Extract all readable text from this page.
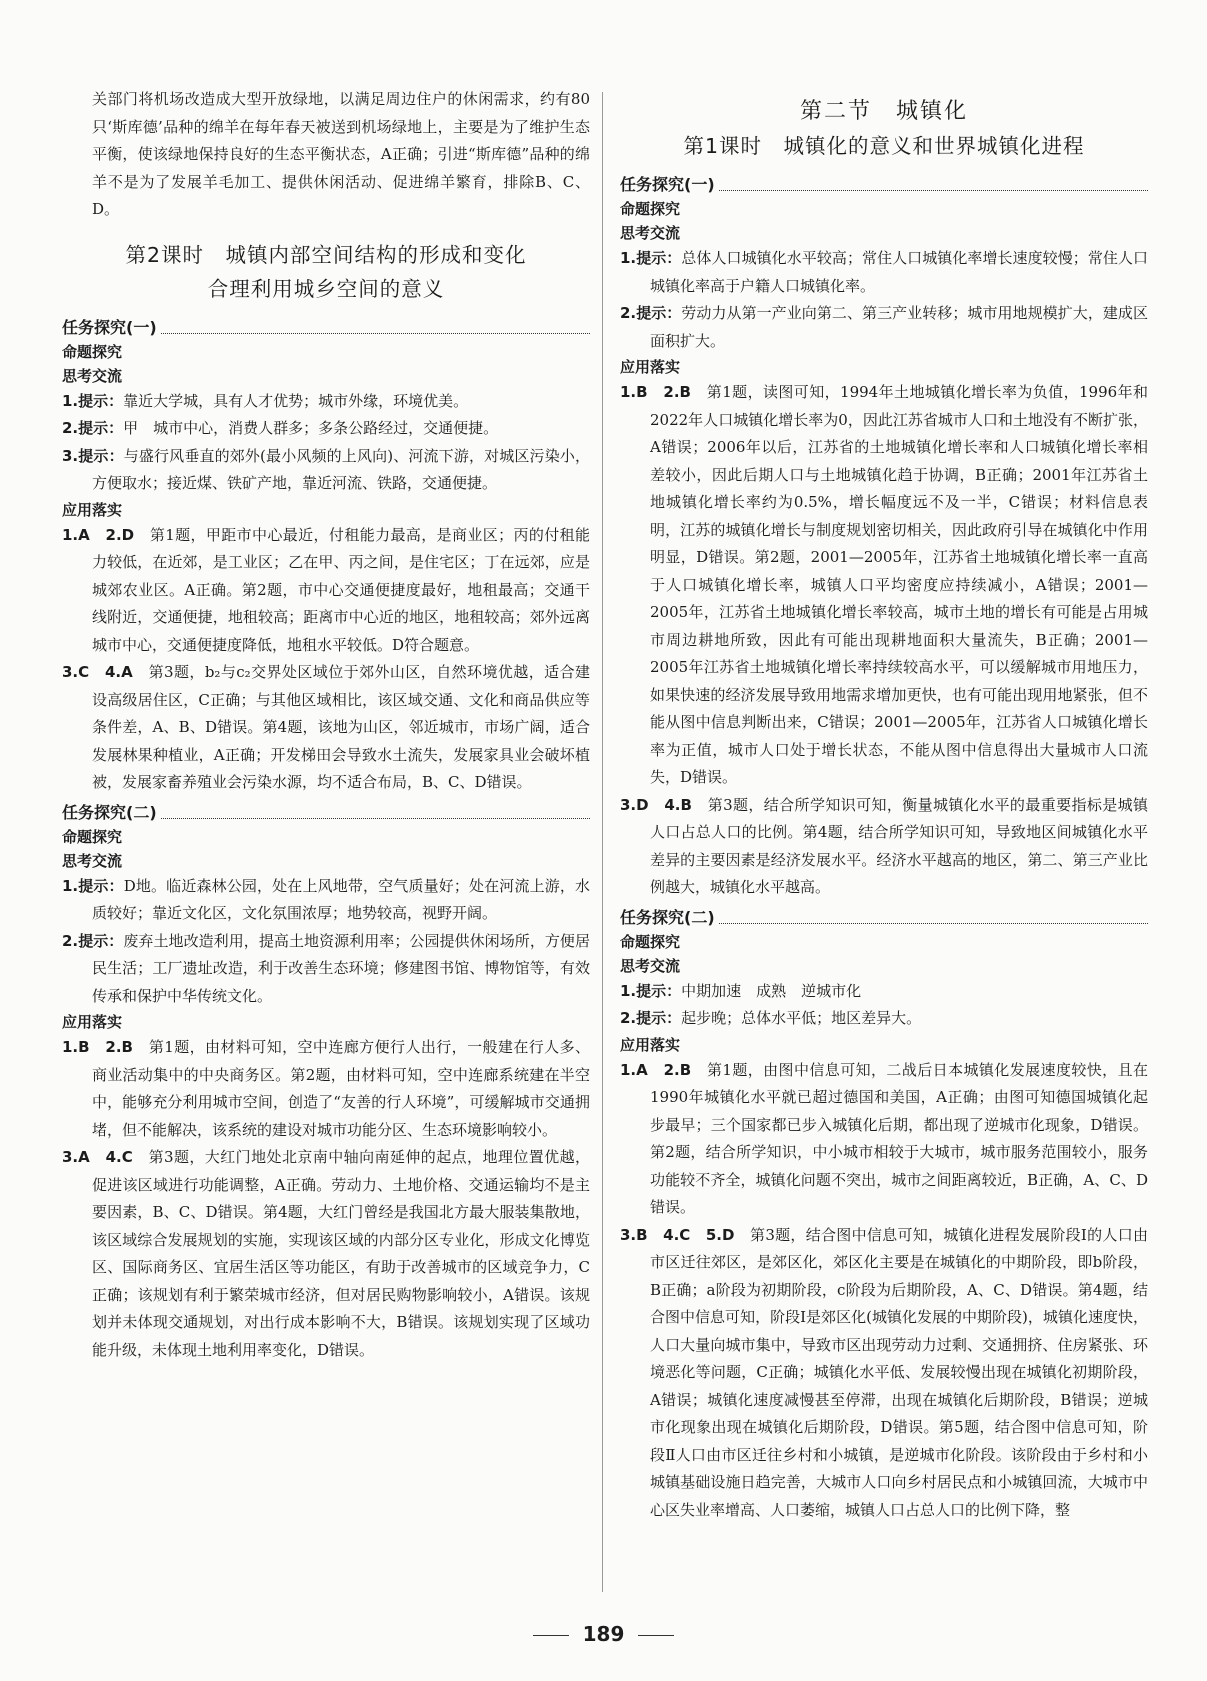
关部门将机场改造成大型开放绿地，以满足周边住户的休闲需求，约有80只‘斯库德’品种的绵羊在每年春天被送到机场绿地上，主要是为了维护生态平衡，使该绿地保持良好的生态平衡状态，A正确；引进“斯库德”品种的绵羊不是为了发展羊毛加工、提供休闲活动、促进绵羊繁育，排除B、C、D。

第2课时　城镇内部空间结构的形成和变化
合理利用城乡空间的意义
任务探究(一)
命题探究
思考交流

1.提示：靠近大学城，具有人才优势；城市外缘，环境优美。

2.提示：甲　城市中心，消费人群多；多条公路经过，交通便捷。

3.提示：与盛行风垂直的郊外(最小风频的上风向)、河流下游，对城区污染小，方便取水；接近煤、铁矿产地，靠近河流、铁路，交通便捷。

应用落实

1.A　2.D　第1题，甲距市中心最近，付租能力最高，是商业区；丙的付租能力较低，在近郊，是工业区；乙在甲、丙之间，是住宅区；丁在远郊，应是城郊农业区。A正确。第2题，市中心交通便捷度最好，地租最高；交通干线附近，交通便捷，地租较高；距离市中心近的地区，地租较高；郊外远离城市中心，交通便捷度降低，地租水平较低。D符合题意。

3.C　4.A　第3题，b₂与c₂交界处区域位于郊外山区，自然环境优越，适合建设高级居住区，C正确；与其他区域相比，该区域交通、文化和商品供应等条件差，A、B、D错误。第4题，该地为山区，邻近城市，市场广阔，适合发展林果种植业，A正确；开发梯田会导致水土流失，发展家具业会破坏植被，发展家畜养殖业会污染水源，均不适合布局，B、C、D错误。

任务探究(二)
命题探究
思考交流

1.提示：D地。临近森林公园，处在上风地带，空气质量好；处在河流上游，水质较好；靠近文化区，文化氛围浓厚；地势较高，视野开阔。

2.提示：废弃土地改造利用，提高土地资源利用率；公园提供休闲场所，方便居民生活；工厂遗址改造，利于改善生态环境；修建图书馆、博物馆等，有效传承和保护中华传统文化。

应用落实

1.B　2.B　第1题，由材料可知，空中连廊方便行人出行，一般建在行人多、商业活动集中的中央商务区。第2题，由材料可知，空中连廊系统建在半空中，能够充分利用城市空间，创造了“友善的行人环境”，可缓解城市交通拥堵，但不能解决，该系统的建设对城市功能分区、生态环境影响较小。

3.A　4.C　第3题，大红门地处北京南中轴向南延伸的起点，地理位置优越，促进该区域进行功能调整，A正确。劳动力、土地价格、交通运输均不是主要因素，B、C、D错误。第4题，大红门曾经是我国北方最大服装集散地，该区域综合发展规划的实施，实现该区域的内部分区专业化，形成文化博览区、国际商务区、宜居生活区等功能区，有助于改善城市的区域竞争力，C正确；该规划有利于繁荣城市经济，但对居民购物影响较小，A错误。该规划并未体现交通规划，对出行成本影响不大，B错误。该规划实现了区域功能升级，未体现土地利用率变化，D错误。

第二节　城镇化
第1课时　城镇化的意义和世界城镇化进程
任务探究(一)
命题探究
思考交流

1.提示：总体人口城镇化水平较高；常住人口城镇化率增长速度较慢；常住人口城镇化率高于户籍人口城镇化率。

2.提示：劳动力从第一产业向第二、第三产业转移；城市用地规模扩大，建成区面积扩大。

应用落实

1.B　2.B　第1题，读图可知，1994年土地城镇化增长率为负值，1996年和2022年人口城镇化增长率为0，因此江苏省城市人口和土地没有不断扩张，A错误；2006年以后，江苏省的土地城镇化增长率和人口城镇化增长率相差较小，因此后期人口与土地城镇化趋于协调，B正确；2001年江苏省土地城镇化增长率约为0.5%，增长幅度远不及一半，C错误；材料信息表明，江苏的城镇化增长与制度规划密切相关，因此政府引导在城镇化中作用明显，D错误。第2题，2001—2005年，江苏省土地城镇化增长率一直高于人口城镇化增长率，城镇人口平均密度应持续减小，A错误；2001—2005年，江苏省土地城镇化增长率较高，城市土地的增长有可能是占用城市周边耕地所致，因此有可能出现耕地面积大量流失，B正确；2001—2005年江苏省土地城镇化增长率持续较高水平，可以缓解城市用地压力，如果快速的经济发展导致用地需求增加更快，也有可能出现用地紧张，但不能从图中信息判断出来，C错误；2001—2005年，江苏省人口城镇化增长率为正值，城市人口处于增长状态，不能从图中信息得出大量城市人口流失，D错误。

3.D　4.B　第3题，结合所学知识可知，衡量城镇化水平的最重要指标是城镇人口占总人口的比例。第4题，结合所学知识可知，导致地区间城镇化水平差异的主要因素是经济发展水平。经济水平越高的地区，第二、第三产业比例越大，城镇化水平越高。

任务探究(二)
命题探究
思考交流

1.提示：中期加速　成熟　逆城市化

2.提示：起步晚；总体水平低；地区差异大。

应用落实

1.A　2.B　第1题，由图中信息可知，二战后日本城镇化发展速度较快，且在1990年城镇化水平就已超过德国和美国，A正确；由图可知德国城镇化起步最早；三个国家都已步入城镇化后期，都出现了逆城市化现象，D错误。第2题，结合所学知识，中小城市相较于大城市，城市服务范围较小，服务功能较不齐全，城镇化问题不突出，城市之间距离较近，B正确，A、C、D错误。

3.B　4.C　5.D　第3题，结合图中信息可知，城镇化进程发展阶段Ⅰ的人口由市区迁往郊区，是郊区化，郊区化主要是在城镇化的中期阶段，即b阶段，B正确；a阶段为初期阶段，c阶段为后期阶段，A、C、D错误。第4题，结合图中信息可知，阶段Ⅰ是郊区化(城镇化发展的中期阶段)，城镇化速度快，人口大量向城市集中，导致市区出现劳动力过剩、交通拥挤、住房紧张、环境恶化等问题，C正确；城镇化水平低、发展较慢出现在城镇化初期阶段，A错误；城镇化速度减慢甚至停滞，出现在城镇化后期阶段，B错误；逆城市化现象出现在城镇化后期阶段，D错误。第5题，结合图中信息可知，阶段Ⅱ人口由市区迁往乡村和小城镇，是逆城市化阶段。该阶段由于乡村和小城镇基础设施日趋完善，大城市人口向乡村居民点和小城镇回流，大城市中心区失业率增高、人口萎缩，城镇人口占总人口的比例下降，整

189
